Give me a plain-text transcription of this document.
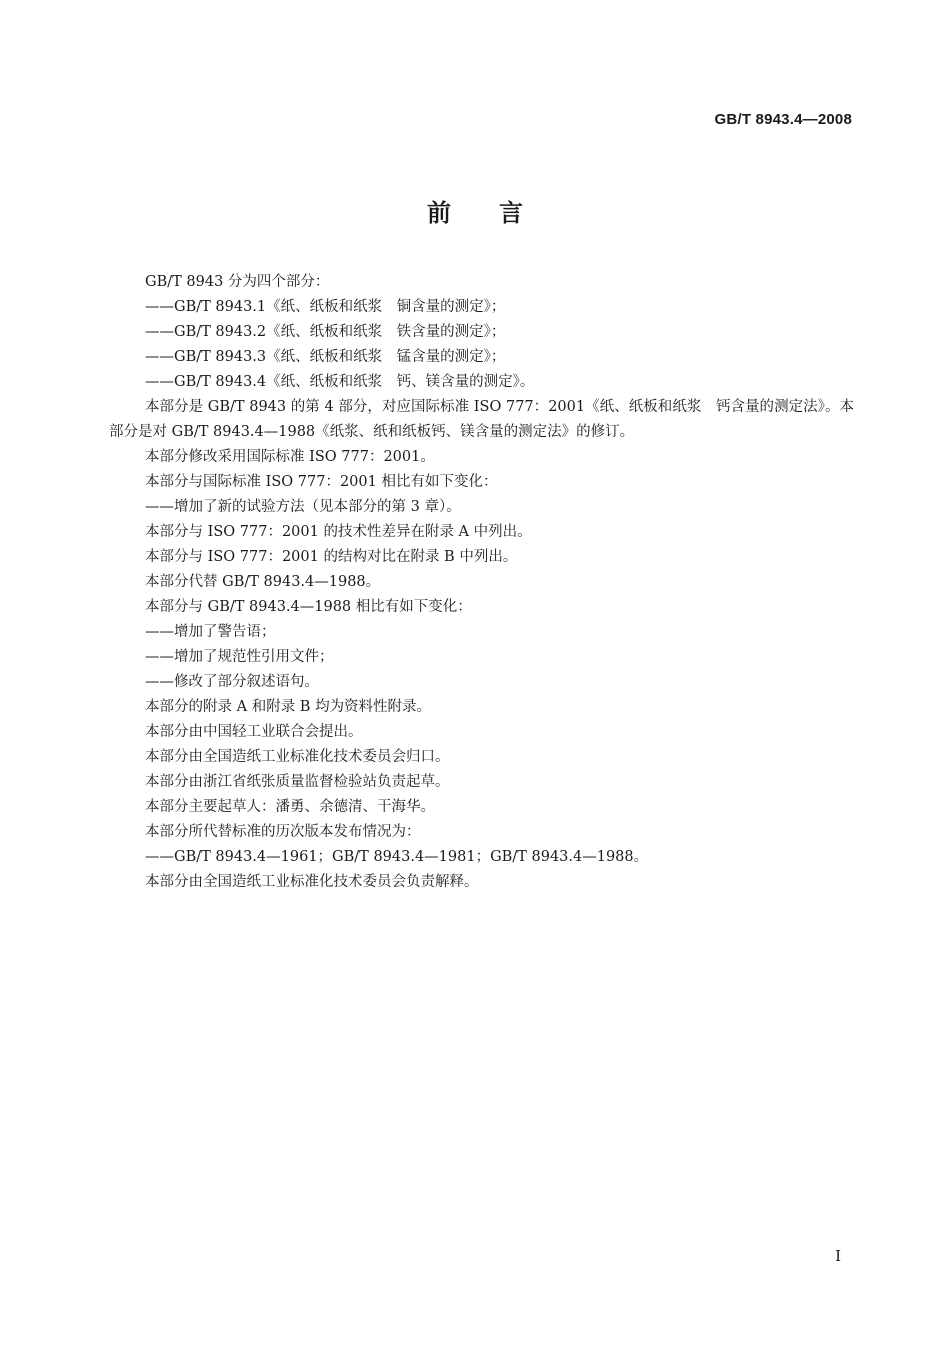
GB/T 8943.4—2008
前　　言

GB/T 8943 分为四个部分：

——GB/T 8943.1《纸、纸板和纸浆　铜含量的测定》；

——GB/T 8943.2《纸、纸板和纸浆　铁含量的测定》；

——GB/T 8943.3《纸、纸板和纸浆　锰含量的测定》；

——GB/T 8943.4《纸、纸板和纸浆　钙、镁含量的测定》。

本部分是 GB/T 8943 的第 4 部分，对应国际标准 ISO 777：2001《纸、纸板和纸浆　钙含量的测定法》。本部分是对 GB/T 8943.4—1988《纸浆、纸和纸板钙、镁含量的测定法》的修订。

本部分修改采用国际标准 ISO 777：2001。

本部分与国际标准 ISO 777：2001 相比有如下变化：

——增加了新的试验方法（见本部分的第 3 章）。

本部分与 ISO 777：2001 的技术性差异在附录 A 中列出。

本部分与 ISO 777：2001 的结构对比在附录 B 中列出。

本部分代替 GB/T 8943.4—1988。

本部分与 GB/T 8943.4—1988 相比有如下变化：

——增加了警告语；

——增加了规范性引用文件；

——修改了部分叙述语句。

本部分的附录 A 和附录 B 均为资料性附录。

本部分由中国轻工业联合会提出。

本部分由全国造纸工业标准化技术委员会归口。

本部分由浙江省纸张质量监督检验站负责起草。

本部分主要起草人：潘勇、余德清、干海华。

本部分所代替标准的历次版本发布情况为：

——GB/T 8943.4—1961；GB/T 8943.4—1981；GB/T 8943.4—1988。

本部分由全国造纸工业标准化技术委员会负责解释。

I
